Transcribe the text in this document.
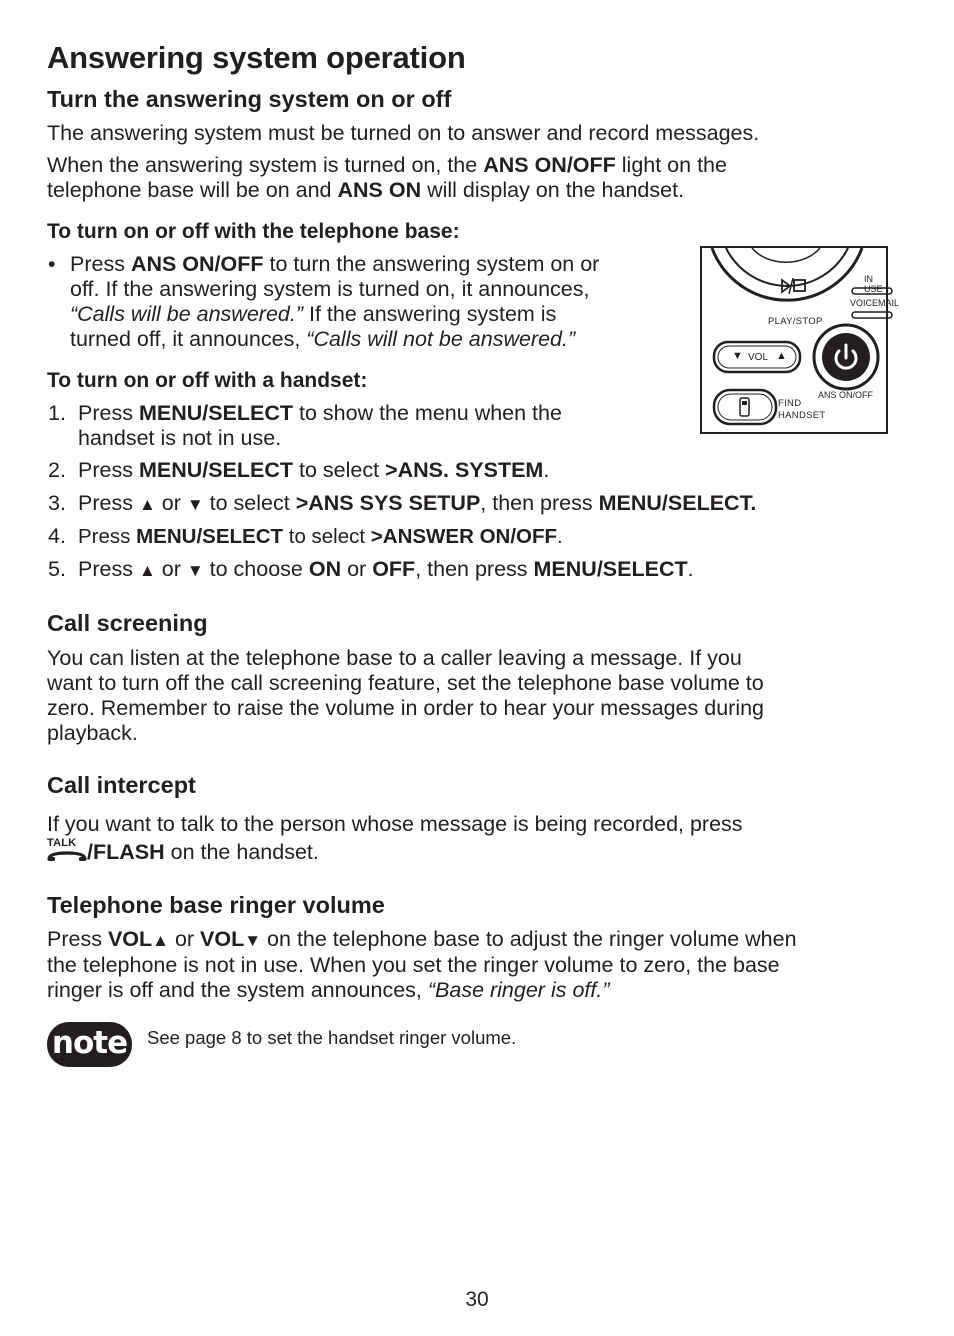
Answering system operation
Turn the answering system on or off

The answering system must be turned on to answer and record messages.

When the answering system is turned on, the ANS ON/OFF light on the

telephone base will be on and ANS ON will display on the handset.

To turn on or off with the telephone base:
• Press ANS ON/OFF to turn the answering system on or

off. If the answering system is turned on, it announces,

“Calls will be answered.” If the answering system is

turned off, it announces, “Calls will not be answered.”

IN USE
VOICEMAIL
PLAY/STOP
▼ VOL ▲
ANS ON/OFF
FIND
HANDSET
To turn on or off with a handset:
1. Press MENU/SELECT to show the menu when the

handset is not in use.

2. Press MENU/SELECT to select >ANS. SYSTEM.

3. Press ▲ or ▼ to select >ANS SYS SETUP, then press MENU/SELECT.

4. Press MENU/SELECT to select >ANSWER ON/OFF.

5. Press ▲ or ▼ to choose ON or OFF, then press MENU/SELECT.

Call screening

You can listen at the telephone base to a caller leaving a message. If you

want to turn off the call screening feature, set the telephone base volume to

zero. Remember to raise the volume in order to hear your messages during

playback.

Call intercept

If you want to talk to the person whose message is being recorded, press

TALK /FLASH on the handset.

Telephone base ringer volume

Press VOL▲ or VOL▼ on the telephone base to adjust the ringer volume when

the telephone is not in use. When you set the ringer volume to zero, the base

ringer is off and the system announces, “Base ringer is off.”

note See page 8 to set the handset ringer volume.

30
